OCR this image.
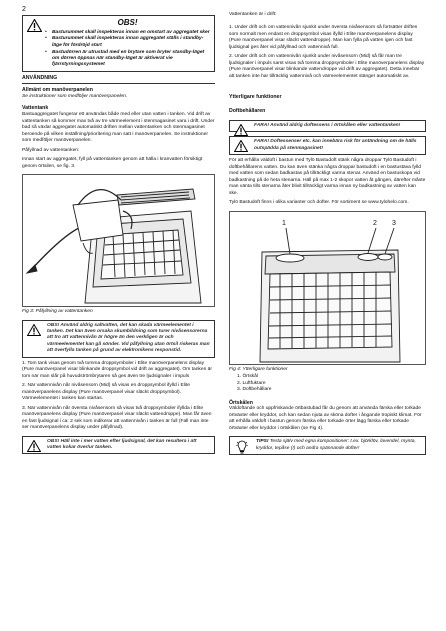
2
OBS!
• Basturummet skall inspekteras innan en omstart av aggregatet sker
• Basturummet skall inspekteras innan aggregatet ställs i standby-läge för fördröjd start
• Bastudörren är utrustad med en brytare som bryter standby-läget om dörren öppnas när standby-läget är aktiverat vie fjärrstyrningssystemet
ANVÄNDNING
Allmänt om manöverpanelen
Se instruktioner som medföljer manöverpanelen.
Vattentank
Bastuaggregatet fungerar ett användas både med eller utan vatten i tanken. Vid drift av vattentanken så kommer max två av tre värmeelement i stenmagasinet vara i drift. Under bad så växlar aggregatet automatiskt driften mellan vattentanken och stenmagasinet beroende på vilken inställning/prioritering man satt i manöverpanelen. Se instruktioner som medföljer manöverpanelen.

Påfyllnad av vattentanken:

Innan start av aggregatet, fyll på vattentanken genom att hälla i kranvatten försiktigt genom örtsilen, se fig. 3.

Fig 3: Påfyllning av vattentanken
OBS! Använd aldrig saltvatten, det kan skada värmeelementet i tanken. Det kan även orsaka skumbildning som turer nivåsensorerna att tro att vattennivån är högre än den verkligen är och värmeelementet kan gå sönder. Vid påfyllning utan örtsil riskeras man att överfylla tanken på grund av elektronikens responstid.

1. Tom tank visas genom två tomma droppsymboler i Elite manöverpanelens display (Pure manöverpanel visar blinkande droppsymbol vid drift av aggregatet). Om tanken är tom när man slår på huvudströmbrytaren så ges även tre ljudsignaler i impuls

2. När vattennivån når nivåsensorn (Mid) så visas en droppsymbol ifylld i Elite manöverpanelens display (Pure manöverpanel visar släckt droppsymbol). Värmeelementet i tanken kan startas.

3. När vattennivån når översta nivåsensorn så visas två droppsymboler ifyllda i Elite manöverpanelens display (Pure manöverpanel visar släckt vattendroppe). Man får även en fast ljudsignal i ca: 2 sek som indikerar att vattennivån i tanken är full (Fall man inte ser manöverpanelens display under påfyllnad).

OBS! Häll inte i mer vatten efter ljudsignal, det kan resultera i att vatten kokar över/ur tanken.
Vattentanken är i drift:

1. Under drift och om vattennivån sjunkit under översta nivåsensorn så fortsätter driften som normalt men endast en droppsymbol visas ifylld i Elite manöverpanelens display (Pure manöverpanel visar släckt vattendroppe). Man kan fylla på vatten igen och fast ljudsignal ges åter vid påfyllnad och vattennivå full.

2. Under drift och om vattennivån sjunkit under nivåsensorn (Mid) så får man tre ljudsignaler i impuls samt visas två tomma droppsymboler i Elite manöverpanelens display (Pure manöverpanel visar blinkande vattendroppe vid drift av aggregatet). Detta innebär att tanken inte har tillräcklig vattennivå och värmeelementet stänger automatiskt av.

Ytterligare funktioner
Doftbehållaren
FARA! Använd aldrig doftessens i örtskålen eller vattentanken!
FARA! Doftessenser etc. kan innebära risk för antändning om de hälls outspädda på stenmagasinet!

För att erhålla väldoft i bastun med Tylö Bastudoft stänk några droppar Tylö Bastudoft i doftbehållarens vatten. Du kan även stänka några droppar bastudoft i en bastustäva fylld med vatten som sedan badkastas på tillräckligt varma stenar. Använd en bastuskopa vid badkastning på de heta stenarna. Häll på max 1-2 skopor vatten åt gången, därefter måste man vänta tills stenarna åter blivit tillräckligt varma innan ny badkastning av vatten kan ske.

Tylö Bastudoft finns i olika varianter och dofter. För sortiment se www.tylohelo.com.

1	2 3
Fig 4: Ytterligare funktioner
1. Örtskål
2. Luftfuktare
3. Doftbehållare
Örtskålen
Väldoftande och uppfriskande örtbastubad får du genom att använda färska eller torkade örtväxter eller kryddor, och kan sedan njuta av sköna dofter i ångande tropiskt klimat. För att erhålla väldoft i bastun genom färska eller torkade örter lägg färska eller torkade örtväxter eller kryddor i örtskålen (se Fig 4).
TIPS! Testa själv med egna kompositioner: t.ex. björklöv, lavendel, mynta, kryddor, tepåse (!) och andra spännande dofter!
